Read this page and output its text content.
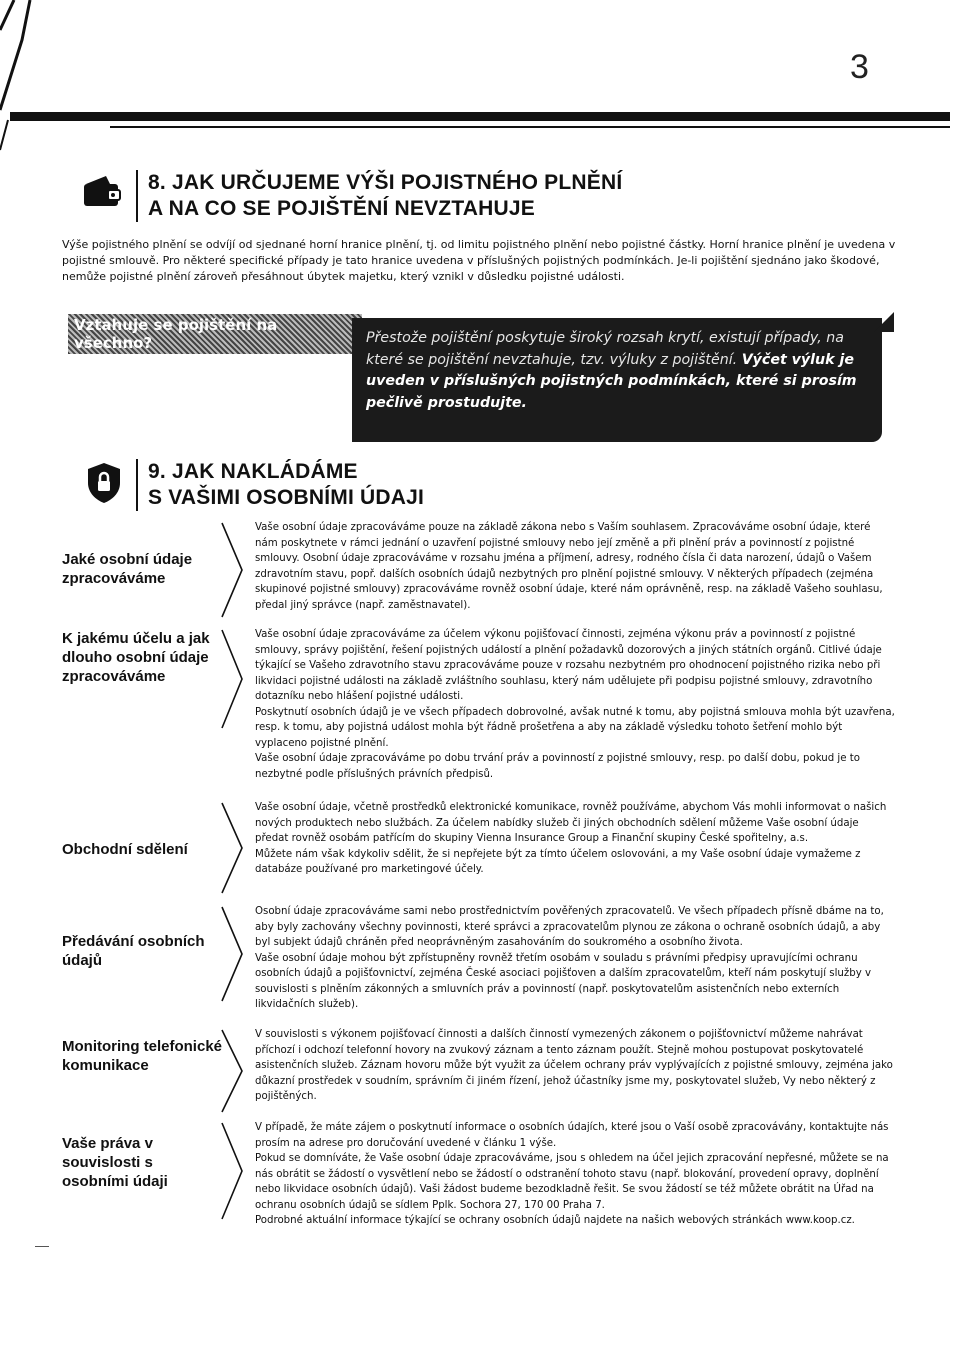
3
8. JAK URČUJEME VÝŠI POJISTNÉHO PLNĚNÍ
A NA CO SE POJIŠTĚNÍ NEVZTAHUJE
Výše pojistného plnění se odvíjí od sjednané horní hranice plnění, tj. od limitu pojistného plnění nebo pojistné částky. Horní hranice plnění je uvedena v pojistné smlouvě. Pro některé specifické případy je tato hranice uvedena v příslušných pojistných podmínkách. Je-li pojištění sjednáno jako škodové, nemůže pojistné plnění zároveň přesáhnout úbytek majetku, který vznikl v důsledku pojistné události.
Vztahuje se pojištění na všechno?	Přestože pojištění poskytuje široký rozsah krytí, existují případy, na které se pojištění nevztahuje, tzv. výluky z pojištění. Výčet výluk je uveden v příslušných pojistných podmínkách, které si prosím pečlivě prostudujte.
9. JAK NAKLÁDÁME
S VAŠIMI OSOBNÍMI ÚDAJI
Jaké osobní údaje zpracováváme

Vaše osobní údaje zpracováváme pouze na základě zákona nebo s Vaším souhlasem. Zpracováváme osobní údaje, které nám poskytnete v rámci jednání o uzavření pojistné smlouvy nebo její změně a při plnění práv a povinností z pojistné smlouvy. Osobní údaje zpracováváme v rozsahu jména a příjmení, adresy, rodného čísla či data narození, údajů o Vašem zdravotním stavu, popř. dalších osobních údajů nezbytných pro plnění pojistné smlouvy. V některých případech (zejména skupinové pojistné smlouvy) zpracováváme rovněž osobní údaje, které nám oprávněně, resp. na základě Vašeho souhlasu, předal jiný správce (např. zaměstnavatel).

K jakému účelu a jak dlouho osobní údaje zpracováváme

Vaše osobní údaje zpracováváme za účelem výkonu pojišťovací činnosti, zejména výkonu práv a povinností z pojistné smlouvy, správy pojištění, řešení pojistných událostí a plnění požadavků dozorových a jiných státních orgánů. Citlivé údaje týkající se Vašeho zdravotního stavu zpracováváme pouze v rozsahu nezbytném pro ohodnocení pojistného rizika nebo při likvidaci pojistné události na základě zvláštního souhlasu, který nám udělujete při podpisu pojistné smlouvy, zdravotního dotazníku nebo hlášení pojistné události.

Poskytnutí osobních údajů je ve všech případech dobrovolné, avšak nutné k tomu, aby pojistná smlouva mohla být uzavřena, resp. k tomu, aby pojistná událost mohla být řádně prošetřena a aby na základě výsledku tohoto šetření mohlo být vyplaceno pojistné plnění.

Vaše osobní údaje zpracováváme po dobu trvání práv a povinností z pojistné smlouvy, resp. po další dobu, pokud je to nezbytné podle příslušných právních předpisů.

Obchodní sdělení

Vaše osobní údaje, včetně prostředků elektronické komunikace, rovněž používáme, abychom Vás mohli informovat o našich nových produktech nebo službách. Za účelem nabídky služeb či jiných obchodních sdělení můžeme Vaše osobní údaje předat rovněž osobám patřícím do skupiny Vienna Insurance Group a Finanční skupiny České spořitelny, a.s.

Můžete nám však kdykoliv sdělit, že si nepřejete být za tímto účelem oslovováni, a my Vaše osobní údaje vymažeme z databáze používané pro marketingové účely.

Předávání osobních údajů

Osobní údaje zpracováváme sami nebo prostřednictvím pověřených zpracovatelů. Ve všech případech přísně dbáme na to, aby byly zachovány všechny povinnosti, které správci a zpracovatelům plynou ze zákona o ochraně osobních údajů, a aby byl subjekt údajů chráněn před neoprávněným zasahováním do soukromého a osobního života.

Vaše osobní údaje mohou být zpřístupněny rovněž třetím osobám v souladu s právními předpisy upravujícími ochranu osobních údajů a pojišťovnictví, zejména České asociaci pojišťoven a dalším zpracovatelům, kteří nám poskytují služby v souvislosti s plněním zákonných a smluvních práv a povinností (např. poskytovatelům asistenčních nebo externích likvidačních služeb).

Monitoring telefonické komunikace

V souvislosti s výkonem pojišťovací činnosti a dalších činností vymezených zákonem o pojišťovnictví můžeme nahrávat příchozí i odchozí telefonní hovory na zvukový záznam a tento záznam použít. Stejně mohou postupovat poskytovatelé asistenčních služeb. Záznam hovoru může být využit za účelem ochrany práv vyplývajících z pojistné smlouvy, zejména jako důkazní prostředek v soudním, správním či jiném řízení, jehož účastníky jsme my, poskytovatel služeb, Vy nebo některý z pojištěných.

Vaše práva v souvislosti s osobními údaji

V případě, že máte zájem o poskytnutí informace o osobních údajích, které jsou o Vaší osobě zpracovávány, kontaktujte nás prosím na adrese pro doručování uvedené v článku 1 výše.

Pokud se domníváte, že Vaše osobní údaje zpracováváme, jsou s ohledem na účel jejich zpracování nepřesné, můžete se na nás obrátit se žádostí o vysvětlení nebo se žádostí o odstranění tohoto stavu (např. blokování, provedení opravy, doplnění nebo likvidace osobních údajů). Vaši žádost budeme bezodkladně řešit. Se svou žádostí se též můžete obrátit na Úřad na ochranu osobních údajů se sídlem Pplk. Sochora 27, 170 00 Praha 7.

Podrobné aktuální informace týkající se ochrany osobních údajů najdete na našich webových stránkách www.koop.cz.
